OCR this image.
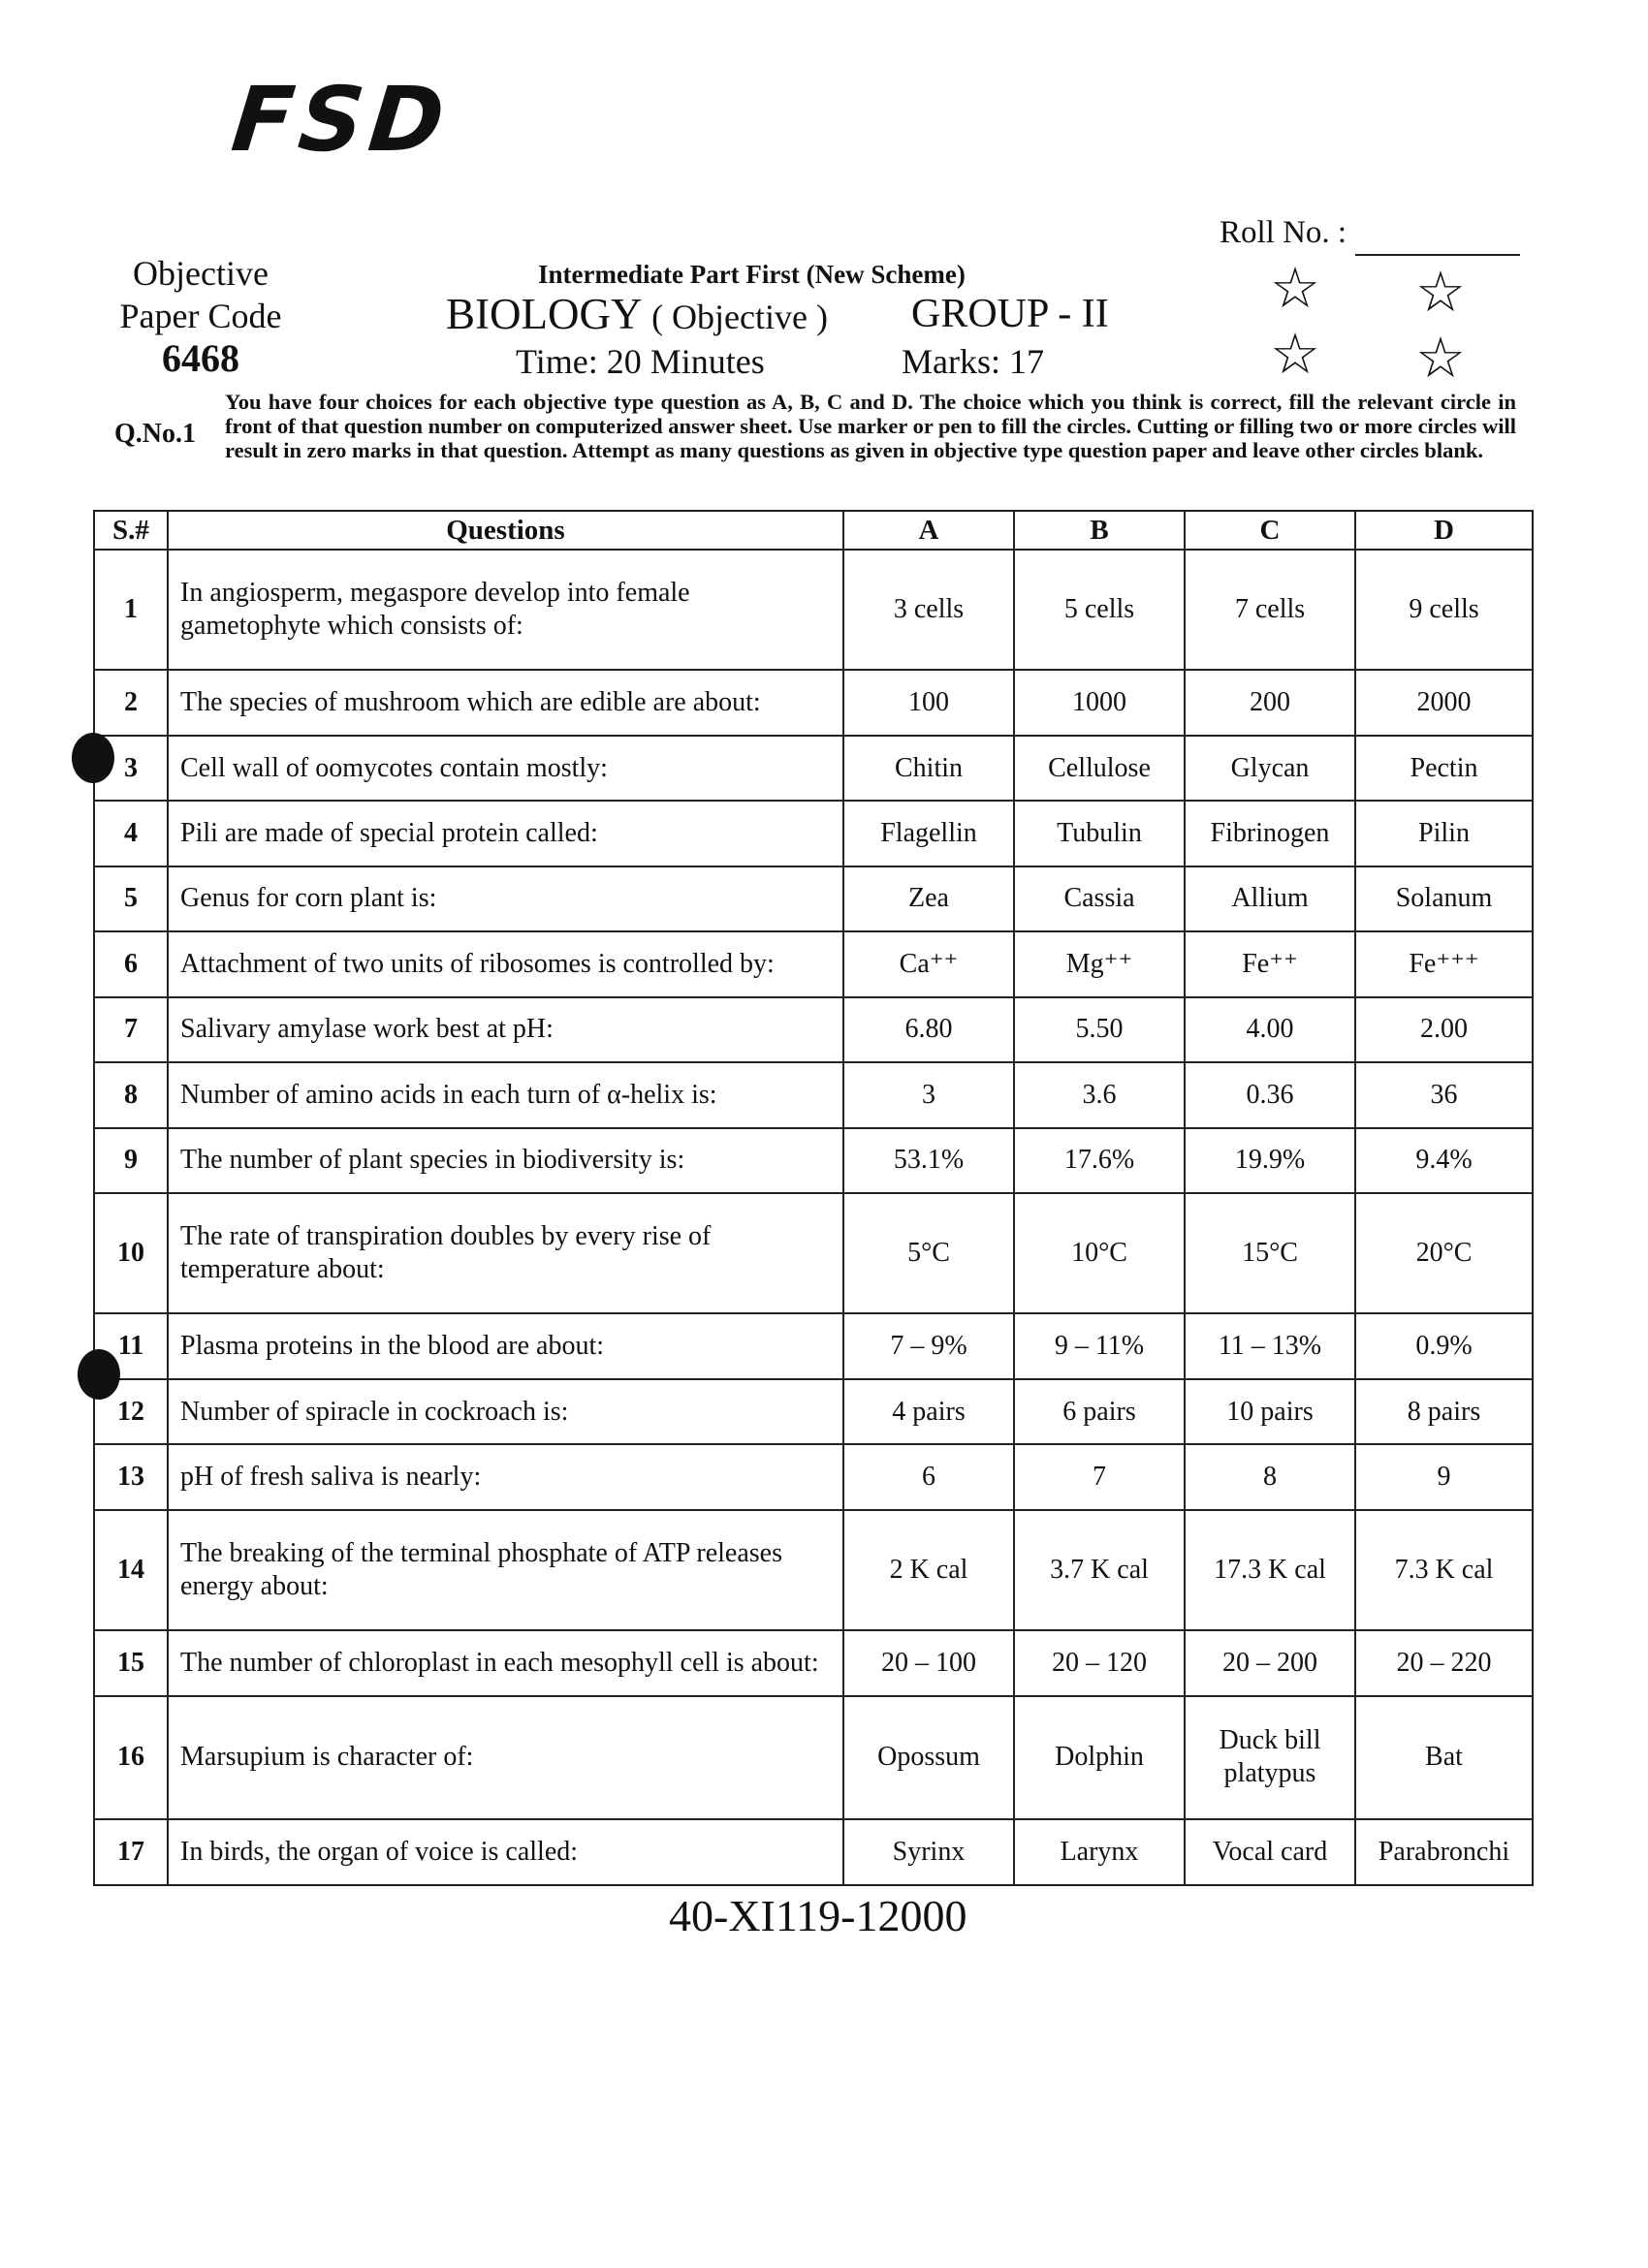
FSD
Roll No. :
☆ ☆
☆ ☆
Objective
Paper Code
6468
Intermediate Part First (New Scheme)
BIOLOGY ( Objective ) GROUP - II
Time: 20 Minutes	Marks: 17
Q.No.1
You have four choices for each objective type question as A, B, C and D. The choice which you think is correct, fill the relevant circle in front of that question number on computerized answer sheet. Use marker or pen to fill the circles. Cutting or filling two or more circles will result in zero marks in that question. Attempt as many questions as given in objective type question paper and leave other circles blank.
S.#	Questions	A	B	C	D
1	In angiosperm, megaspore develop into female gametophyte which consists of:	3 cells	5 cells	7 cells	9 cells
2	The species of mushroom which are edible are about:	100	1000	200	2000
3	Cell wall of oomycotes contain mostly:	Chitin	Cellulose	Glycan	Pectin
4	Pili are made of special protein called:	Flagellin	Tubulin	Fibrinogen	Pilin
5	Genus for corn plant is:	Zea	Cassia	Allium	Solanum
6	Attachment of two units of ribosomes is controlled by:	Ca⁺⁺	Mg⁺⁺	Fe⁺⁺	Fe⁺⁺⁺
7	Salivary amylase work best at pH:	6.80	5.50	4.00	2.00
8	Number of amino acids in each turn of α-helix is:	3	3.6	0.36	36
9	The number of plant species in biodiversity is:	53.1%	17.6%	19.9%	9.4%
10	The rate of transpiration doubles by every rise of temperature about:	5°C	10°C	15°C	20°C
11	Plasma proteins in the blood are about:	7 – 9%	9 – 11%	11 – 13%	0.9%
12	Number of spiracle in cockroach is:	4 pairs	6 pairs	10 pairs	8 pairs
13	pH of fresh saliva is nearly:	6	7	8	9
14	The breaking of the terminal phosphate of ATP releases energy about:	2 K cal	3.7 K cal	17.3 K cal	7.3 K cal
15	The number of chloroplast in each mesophyll cell is about:	20 – 100	20 – 120	20 – 200	20 – 220
16	Marsupium is character of:	Opossum	Dolphin	Duck bill platypus	Bat
17	In birds, the organ of voice is called:	Syrinx	Larynx	Vocal card	Parabronchi
40-XI119-12000
